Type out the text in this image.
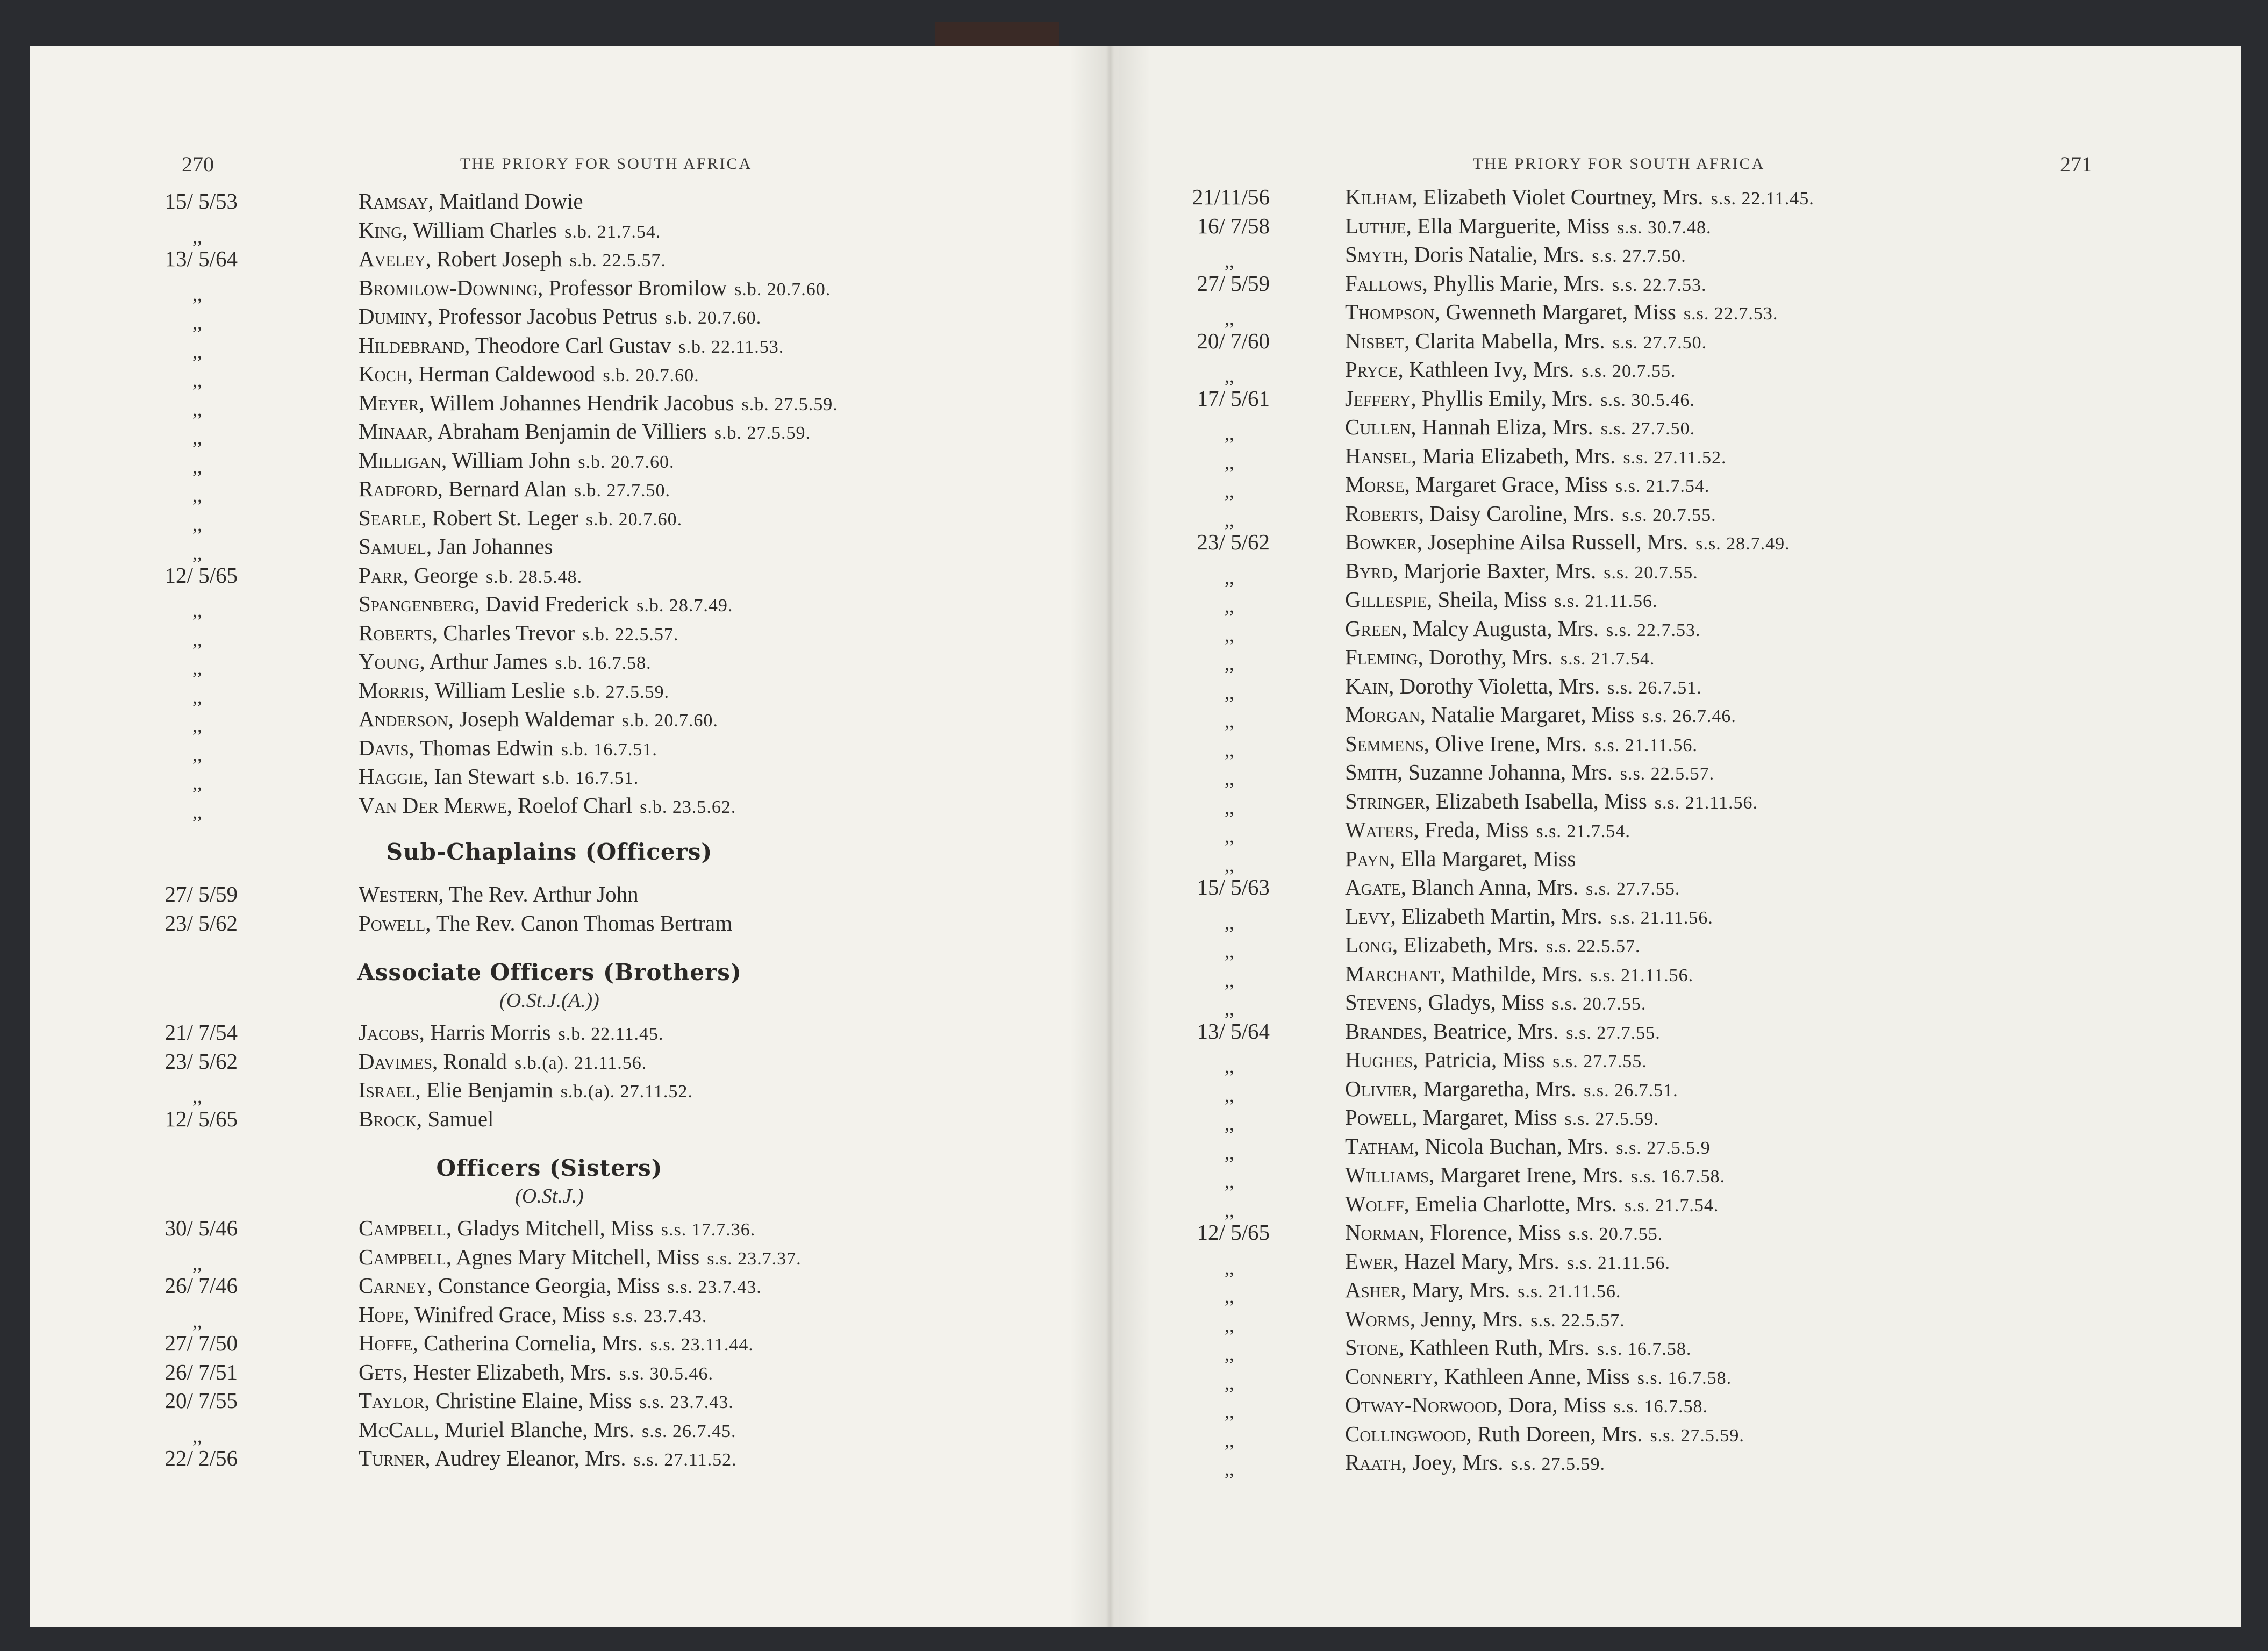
270	THE PRIORY FOR SOUTH AFRICA
15/ 5/53	Ramsay, Maitland Dowie
,,	King, William Charles s.b. 21.7.54.
13/ 5/64	Aveley, Robert Joseph s.b. 22.5.57.
,,	Bromilow-Downing, Professor Bromilow s.b. 20.7.60.
,,	Duminy, Professor Jacobus Petrus s.b. 20.7.60.
,,	Hildebrand, Theodore Carl Gustav s.b. 22.11.53.
,,	Koch, Herman Caldewood s.b. 20.7.60.
,,	Meyer, Willem Johannes Hendrik Jacobus s.b. 27.5.59.
,,	Minaar, Abraham Benjamin de Villiers s.b. 27.5.59.
,,	Milligan, William John s.b. 20.7.60.
,,	Radford, Bernard Alan s.b. 27.7.50.
,,	Searle, Robert St. Leger s.b. 20.7.60.
,,	Samuel, Jan Johannes
12/ 5/65	Parr, George s.b. 28.5.48.
,,	Spangenberg, David Frederick s.b. 28.7.49.
,,	Roberts, Charles Trevor s.b. 22.5.57.
,,	Young, Arthur James s.b. 16.7.58.
,,	Morris, William Leslie s.b. 27.5.59.
,,	Anderson, Joseph Waldemar s.b. 20.7.60.
,,	Davis, Thomas Edwin s.b. 16.7.51.
,,	Haggie, Ian Stewart s.b. 16.7.51.
,,	Van Der Merwe, Roelof Charl s.b. 23.5.62.
Sub-Chaplains (Officers)
27/ 5/59	Western, The Rev. Arthur John
23/ 5/62	Powell, The Rev. Canon Thomas Bertram
Associate Officers (Brothers)
(O.St.J.(A.))
21/ 7/54	Jacobs, Harris Morris s.b. 22.11.45.
23/ 5/62	Davimes, Ronald s.b.(a). 21.11.56.
,,	Israel, Elie Benjamin s.b.(a). 27.11.52.
12/ 5/65	Brock, Samuel
Officers (Sisters)
(O.St.J.)
30/ 5/46	Campbell, Gladys Mitchell, Miss s.s. 17.7.36.
,,	Campbell, Agnes Mary Mitchell, Miss s.s. 23.7.37.
26/ 7/46	Carney, Constance Georgia, Miss s.s. 23.7.43.
,,	Hope, Winifred Grace, Miss s.s. 23.7.43.
27/ 7/50	Hoffe, Catherina Cornelia, Mrs. s.s. 23.11.44.
26/ 7/51	Gets, Hester Elizabeth, Mrs. s.s. 30.5.46.
20/ 7/55	Taylor, Christine Elaine, Miss s.s. 23.7.43.
,,	McCall, Muriel Blanche, Mrs. s.s. 26.7.45.
22/ 2/56	Turner, Audrey Eleanor, Mrs. s.s. 27.11.52.
THE PRIORY FOR SOUTH AFRICA	271
21/11/56	Kilham, Elizabeth Violet Courtney, Mrs. s.s. 22.11.45.
16/ 7/58	Luthje, Ella Marguerite, Miss s.s. 30.7.48.
,,	Smyth, Doris Natalie, Mrs. s.s. 27.7.50.
27/ 5/59	Fallows, Phyllis Marie, Mrs. s.s. 22.7.53.
,,	Thompson, Gwenneth Margaret, Miss s.s. 22.7.53.
20/ 7/60	Nisbet, Clarita Mabella, Mrs. s.s. 27.7.50.
,,	Pryce, Kathleen Ivy, Mrs. s.s. 20.7.55.
17/ 5/61	Jeffery, Phyllis Emily, Mrs. s.s. 30.5.46.
,,	Cullen, Hannah Eliza, Mrs. s.s. 27.7.50.
,,	Hansel, Maria Elizabeth, Mrs. s.s. 27.11.52.
,,	Morse, Margaret Grace, Miss s.s. 21.7.54.
,,	Roberts, Daisy Caroline, Mrs. s.s. 20.7.55.
23/ 5/62	Bowker, Josephine Ailsa Russell, Mrs. s.s. 28.7.49.
,,	Byrd, Marjorie Baxter, Mrs. s.s. 20.7.55.
,,	Gillespie, Sheila, Miss s.s. 21.11.56.
,,	Green, Malcy Augusta, Mrs. s.s. 22.7.53.
,,	Fleming, Dorothy, Mrs. s.s. 21.7.54.
,,	Kain, Dorothy Violetta, Mrs. s.s. 26.7.51.
,,	Morgan, Natalie Margaret, Miss s.s. 26.7.46.
,,	Semmens, Olive Irene, Mrs. s.s. 21.11.56.
,,	Smith, Suzanne Johanna, Mrs. s.s. 22.5.57.
,,	Stringer, Elizabeth Isabella, Miss s.s. 21.11.56.
,,	Waters, Freda, Miss s.s. 21.7.54.
,,	Payn, Ella Margaret, Miss
15/ 5/63	Agate, Blanch Anna, Mrs. s.s. 27.7.55.
,,	Levy, Elizabeth Martin, Mrs. s.s. 21.11.56.
,,	Long, Elizabeth, Mrs. s.s. 22.5.57.
,,	Marchant, Mathilde, Mrs. s.s. 21.11.56.
,,	Stevens, Gladys, Miss s.s. 20.7.55.
13/ 5/64	Brandes, Beatrice, Mrs. s.s. 27.7.55.
,,	Hughes, Patricia, Miss s.s. 27.7.55.
,,	Olivier, Margaretha, Mrs. s.s. 26.7.51.
,,	Powell, Margaret, Miss s.s. 27.5.59.
,,	Tatham, Nicola Buchan, Mrs. s.s. 27.5.5.9
,,	Williams, Margaret Irene, Mrs. s.s. 16.7.58.
,,	Wolff, Emelia Charlotte, Mrs. s.s. 21.7.54.
12/ 5/65	Norman, Florence, Miss s.s. 20.7.55.
,,	Ewer, Hazel Mary, Mrs. s.s. 21.11.56.
,,	Asher, Mary, Mrs. s.s. 21.11.56.
,,	Worms, Jenny, Mrs. s.s. 22.5.57.
,,	Stone, Kathleen Ruth, Mrs. s.s. 16.7.58.
,,	Connerty, Kathleen Anne, Miss s.s. 16.7.58.
,,	Otway-Norwood, Dora, Miss s.s. 16.7.58.
,,	Collingwood, Ruth Doreen, Mrs. s.s. 27.5.59.
,,	Raath, Joey, Mrs. s.s. 27.5.59.
